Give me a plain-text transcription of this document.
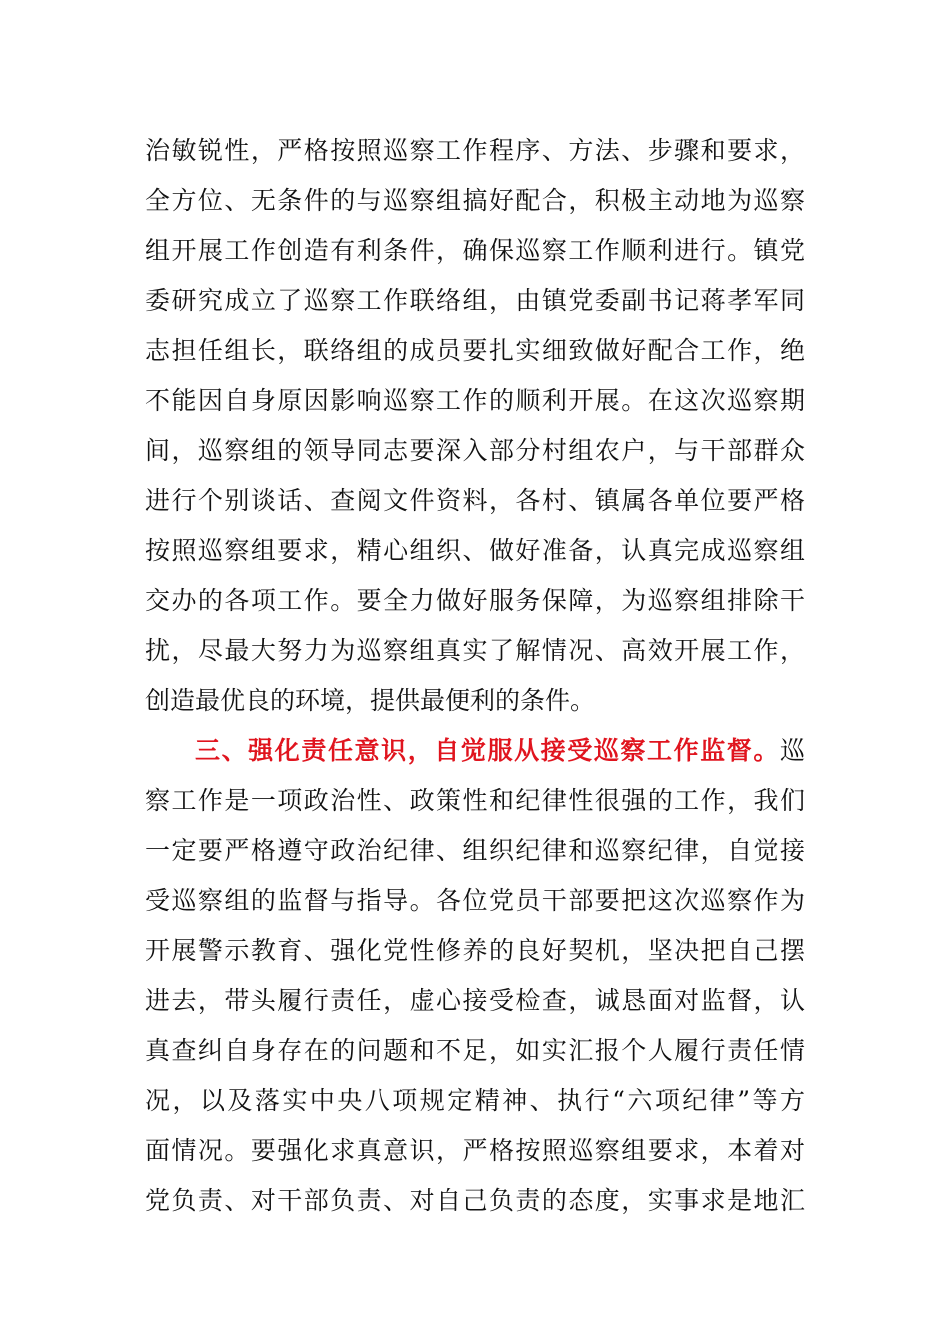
治敏锐性，严格按照巡察工作程序、方法、步骤和要求，
全方位、无条件的与巡察组搞好配合，积极主动地为巡察
组开展工作创造有利条件，确保巡察工作顺利进行。镇党
委研究成立了巡察工作联络组，由镇党委副书记蒋孝军同
志担任组长，联络组的成员要扎实细致做好配合工作，绝
不能因自身原因影响巡察工作的顺利开展。在这次巡察期
间，巡察组的领导同志要深入部分村组农户，与干部群众
进行个别谈话、查阅文件资料，各村、镇属各单位要严格
按照巡察组要求，精心组织、做好准备，认真完成巡察组
交办的各项工作。要全力做好服务保障，为巡察组排除干
扰，尽最大努力为巡察组真实了解情况、高效开展工作，
创造最优良的环境，提供最便利的条件。
三、强化责任意识，自觉服从接受巡察工作监督。巡
察工作是一项政治性、政策性和纪律性很强的工作，我们
一定要严格遵守政治纪律、组织纪律和巡察纪律，自觉接
受巡察组的监督与指导。各位党员干部要把这次巡察作为
开展警示教育、强化党性修养的良好契机，坚决把自己摆
进去，带头履行责任，虚心接受检查，诚恳面对监督，认
真查纠自身存在的问题和不足，如实汇报个人履行责任情
况，以及落实中央八项规定精神、执行“六项纪律”等方
面情况。要强化求真意识，严格按照巡察组要求，本着对
党负责、对干部负责、对自己负责的态度，实事求是地汇
